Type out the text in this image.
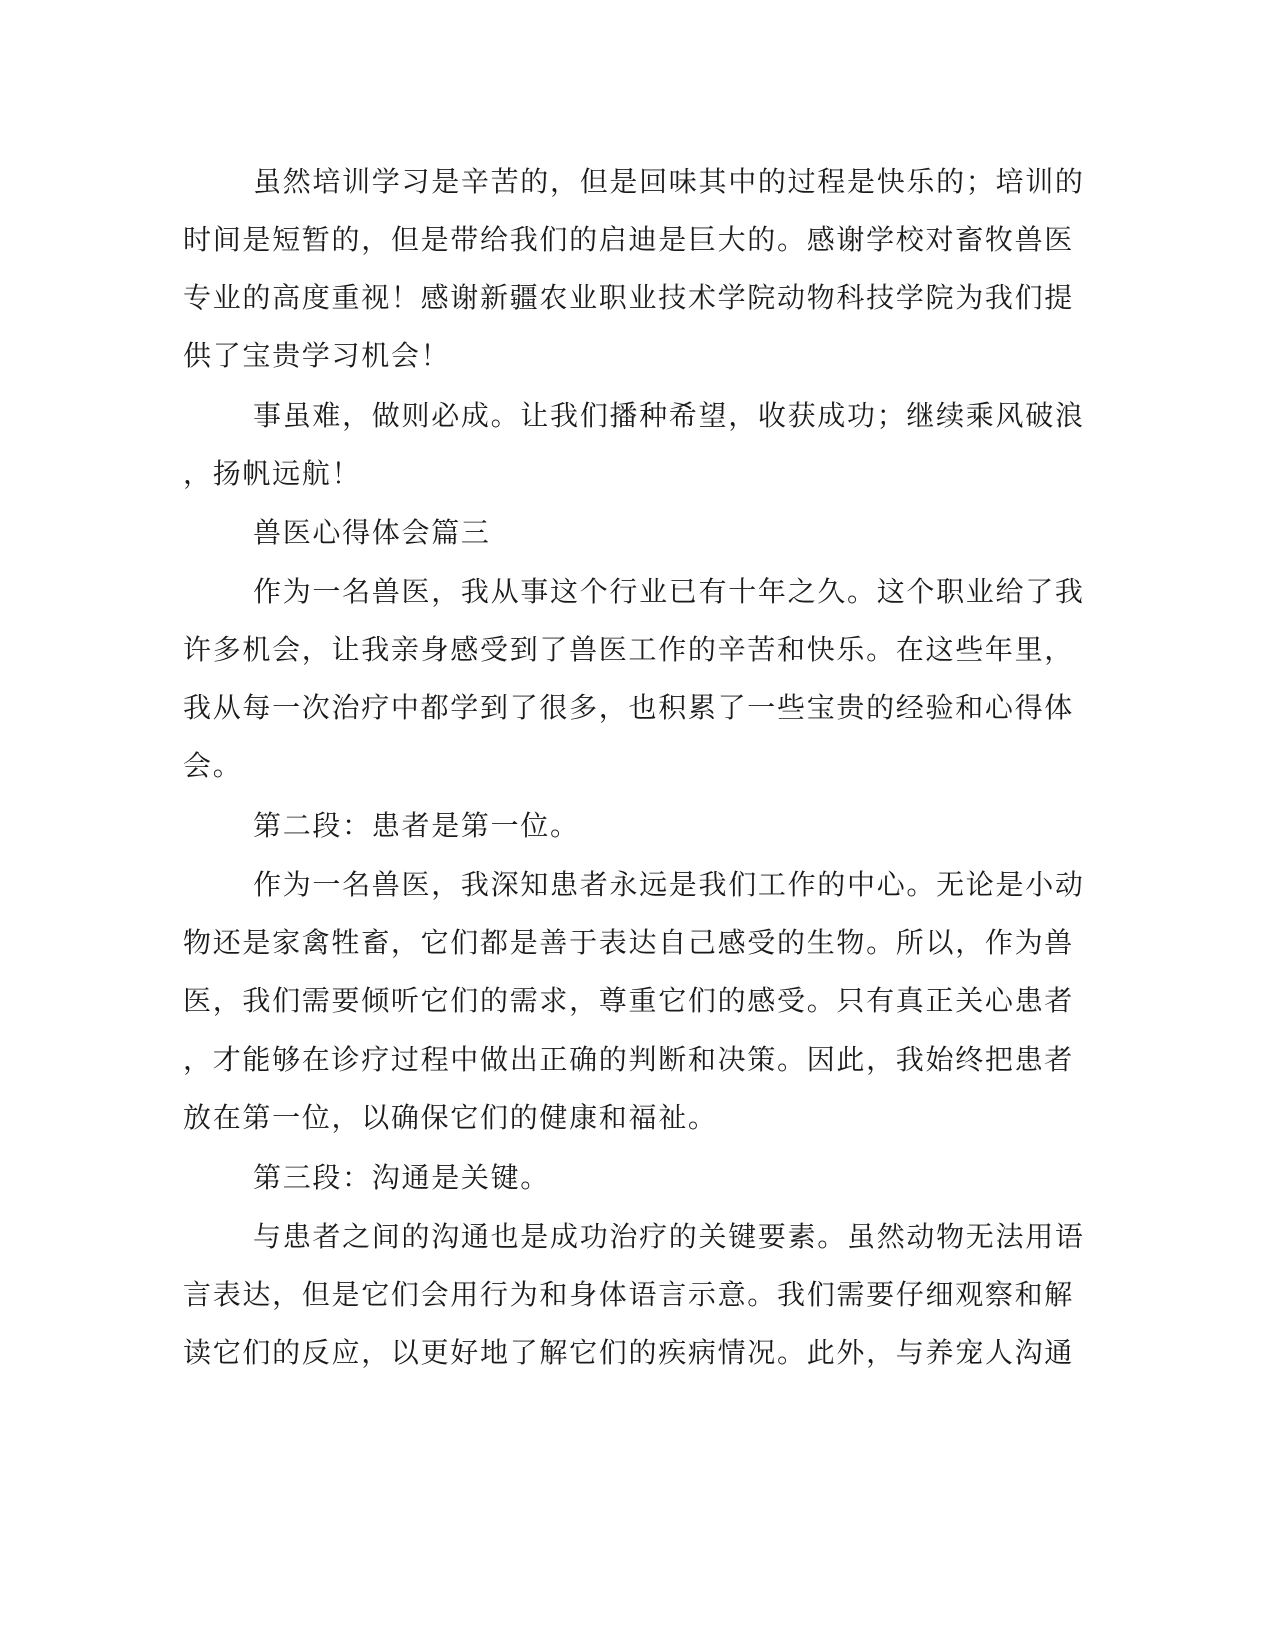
虽然培训学习是辛苦的，但是回味其中的过程是快乐的；培训的

时间是短暂的，但是带给我们的启迪是巨大的。感谢学校对畜牧兽医

专业的高度重视！感谢新疆农业职业技术学院动物科技学院为我们提

供了宝贵学习机会！

事虽难，做则必成。让我们播种希望，收获成功；继续乘风破浪

，扬帆远航！

兽医心得体会篇三

作为一名兽医，我从事这个行业已有十年之久。这个职业给了我

许多机会，让我亲身感受到了兽医工作的辛苦和快乐。在这些年里，

我从每一次治疗中都学到了很多，也积累了一些宝贵的经验和心得体

会。

第二段：患者是第一位。

作为一名兽医，我深知患者永远是我们工作的中心。无论是小动

物还是家禽牲畜，它们都是善于表达自己感受的生物。所以，作为兽

医，我们需要倾听它们的需求，尊重它们的感受。只有真正关心患者

，才能够在诊疗过程中做出正确的判断和决策。因此，我始终把患者

放在第一位，以确保它们的健康和福祉。

第三段：沟通是关键。

与患者之间的沟通也是成功治疗的关键要素。虽然动物无法用语

言表达，但是它们会用行为和身体语言示意。我们需要仔细观察和解

读它们的反应，以更好地了解它们的疾病情况。此外，与养宠人沟通
